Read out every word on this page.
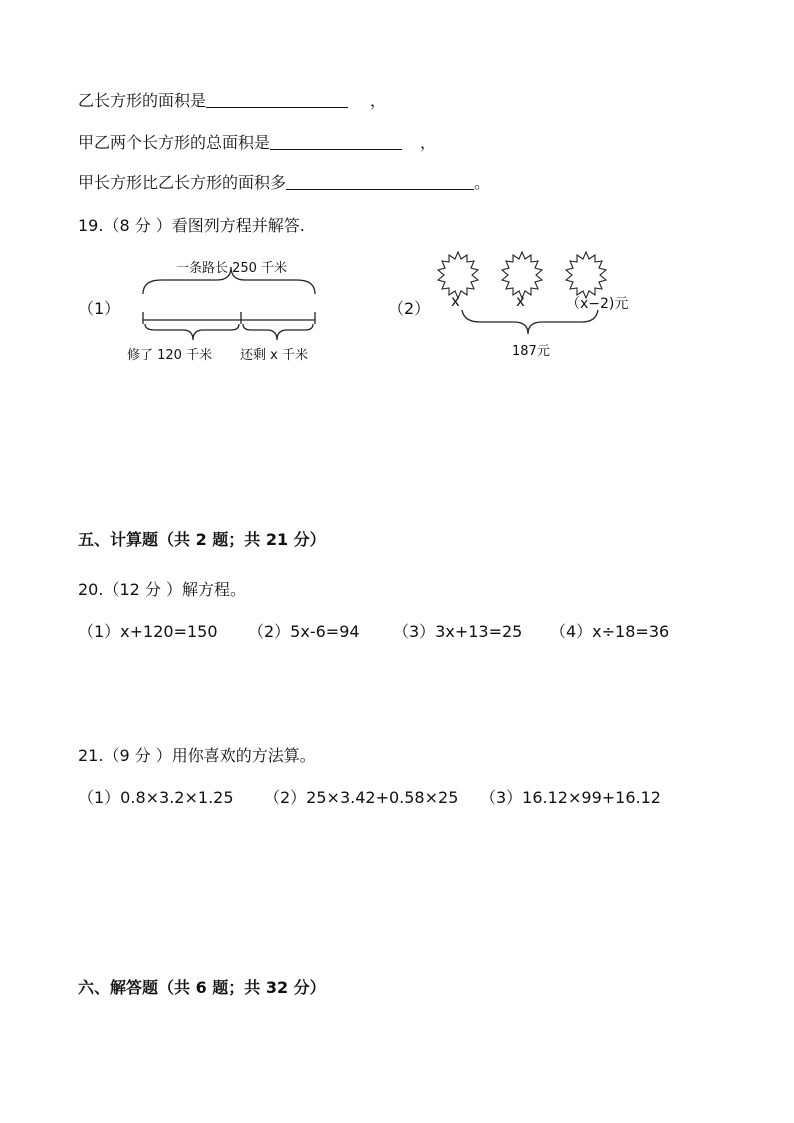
乙长方形的面积是	，
甲乙两个长方形的总面积是	，
甲长方形比乙长方形的面积多	。
19.（8 分 ）看图列方程并解答.
（1）
一条路长 250 千米
修了 120 千米 还剩 x 千米
（2） x	x	（x−2)元
187元
五、计算题（共 2 题；共 21 分）
20.（12 分 ）解方程。
（1）x+120=150 （2）5x-6=94 （3）3x+13=25 （4）x÷18=36
21.（9 分 ）用你喜欢的方法算。
（1）0.8×3.2×1.25 （2）25×3.42+0.58×25 （3）16.12×99+16.12
六、解答题（共 6 题；共 32 分）
